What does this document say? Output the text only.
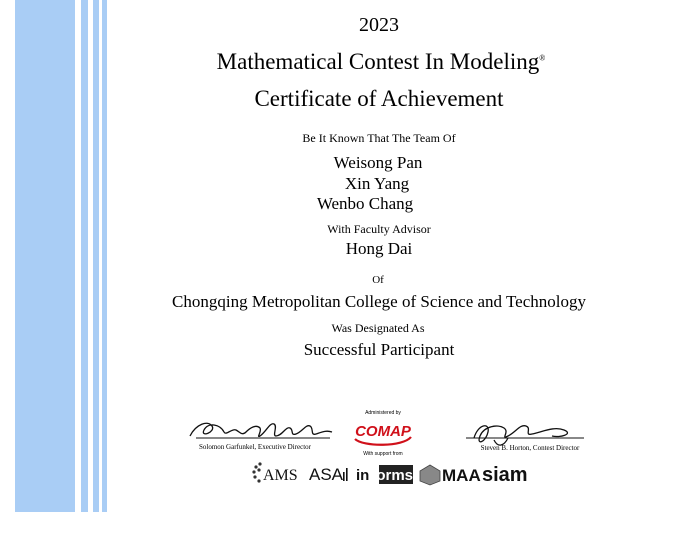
2023
Mathematical Contest In Modeling®
Certificate of Achievement
Be It Known That The Team Of
Weisong Pan
Xin Yang
Wenbo Chang
With Faculty Advisor
Hong Dai
Of
Chongqing Metropolitan College of Science and Technology
Was Designated As
Successful Participant
Solomon Garfunkel, Executive Director	Steven B. Horton, Contest Director
Administered by
COMAP
With support from
AMS ASA in forms MAA siam
